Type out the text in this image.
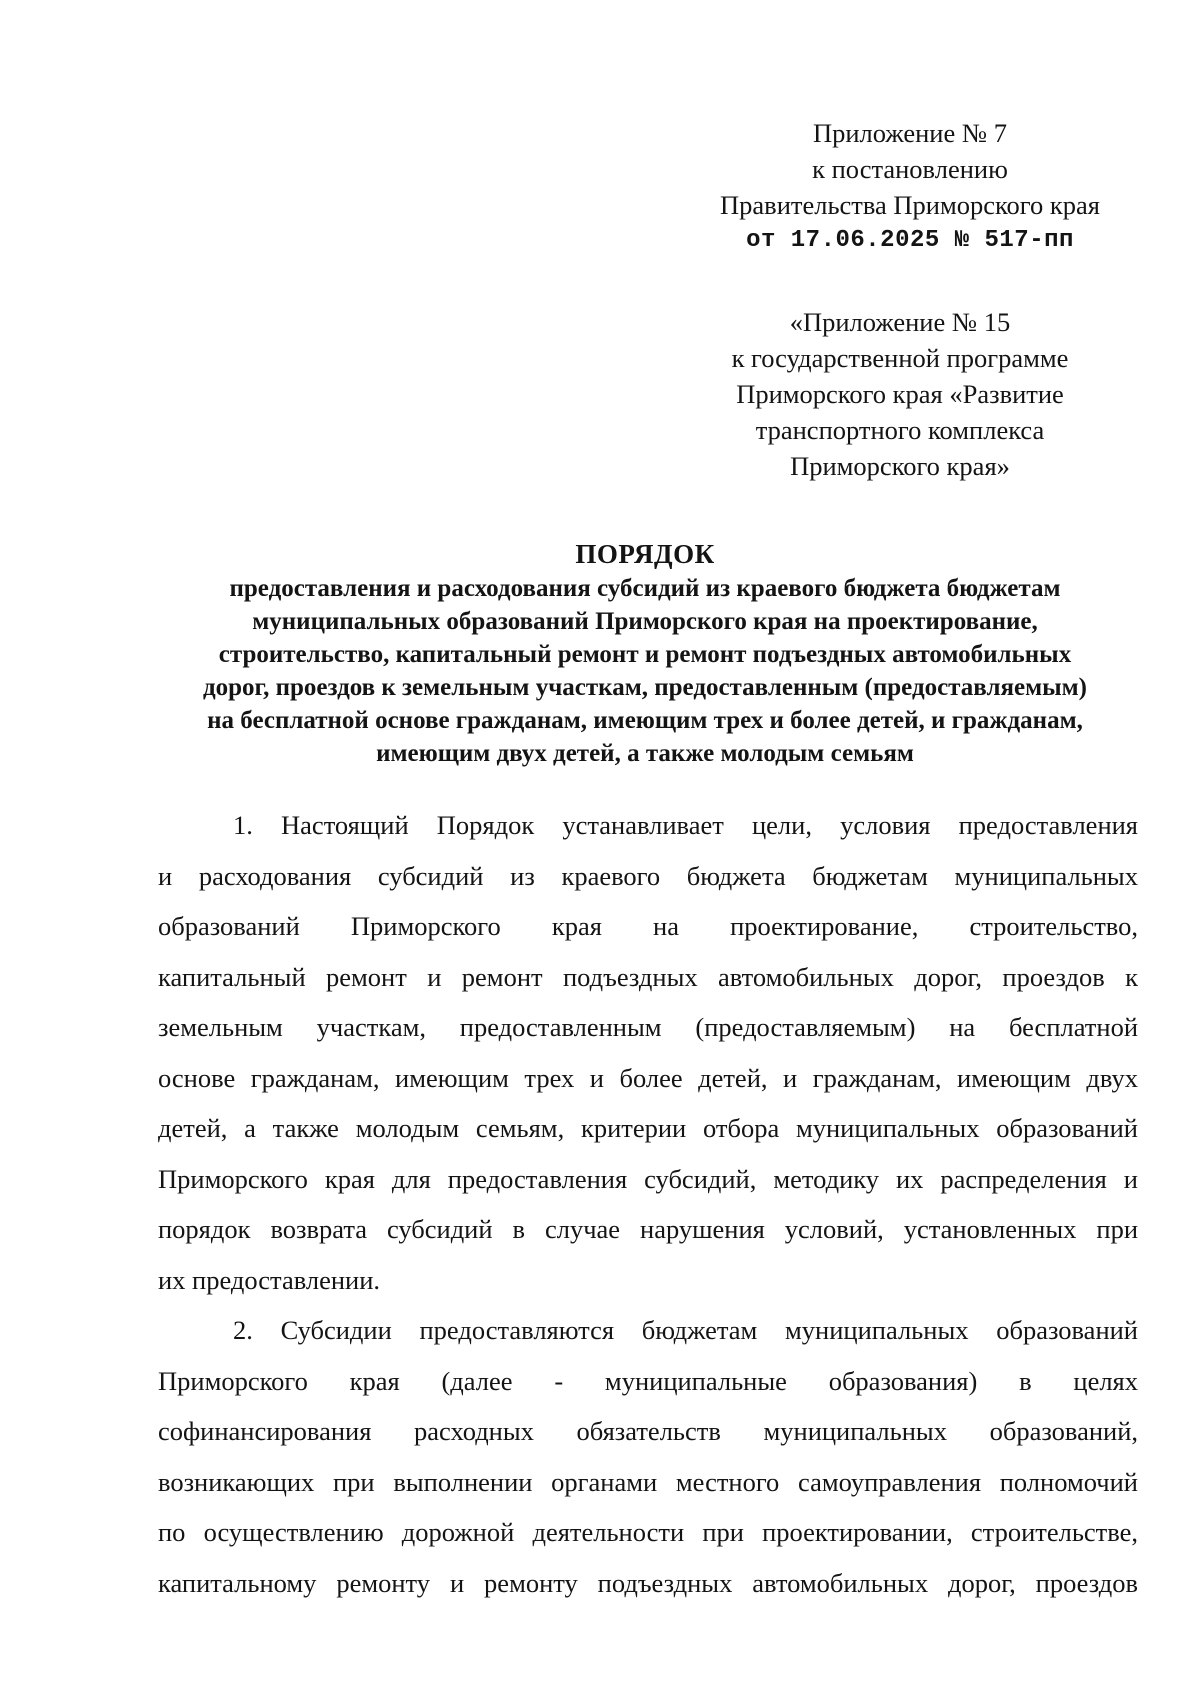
Приложение № 7
к постановлению
Правительства Приморского края
от 17.06.2025 № 517-пп
«Приложение № 15
к государственной программе
Приморского края «Развитие
транспортного комплекса
Приморского края»
ПОРЯДОК
предоставления и расходования субсидий из краевого бюджета бюджетам
муниципальных образований Приморского края на проектирование,
строительство, капитальный ремонт и ремонт подъездных автомобильных
дорог, проездов к земельным участкам, предоставленным (предоставляемым)
на бесплатной основе гражданам, имеющим трех и более детей, и гражданам,
имеющим двух детей, а также молодым семьям
1. Настоящий Порядок устанавливает цели, условия предоставления
и расходования субсидий из краевого бюджета бюджетам муниципальных
образований Приморского края на проектирование, строительство,
капитальный ремонт и ремонт подъездных автомобильных дорог, проездов к
земельным участкам, предоставленным (предоставляемым) на бесплатной
основе гражданам, имеющим трех и более детей, и гражданам, имеющим двух
детей, а также молодым семьям, критерии отбора муниципальных образований
Приморского края для предоставления субсидий, методику их распределения и
порядок возврата субсидий в случае нарушения условий, установленных при
их предоставлении.
2. Субсидии предоставляются бюджетам муниципальных образований
Приморского края (далее - муниципальные образования) в целях
софинансирования расходных обязательств муниципальных образований,
возникающих при выполнении органами местного самоуправления полномочий
по осуществлению дорожной деятельности при проектировании, строительстве,
капитальному ремонту и ремонту подъездных автомобильных дорог, проездов
